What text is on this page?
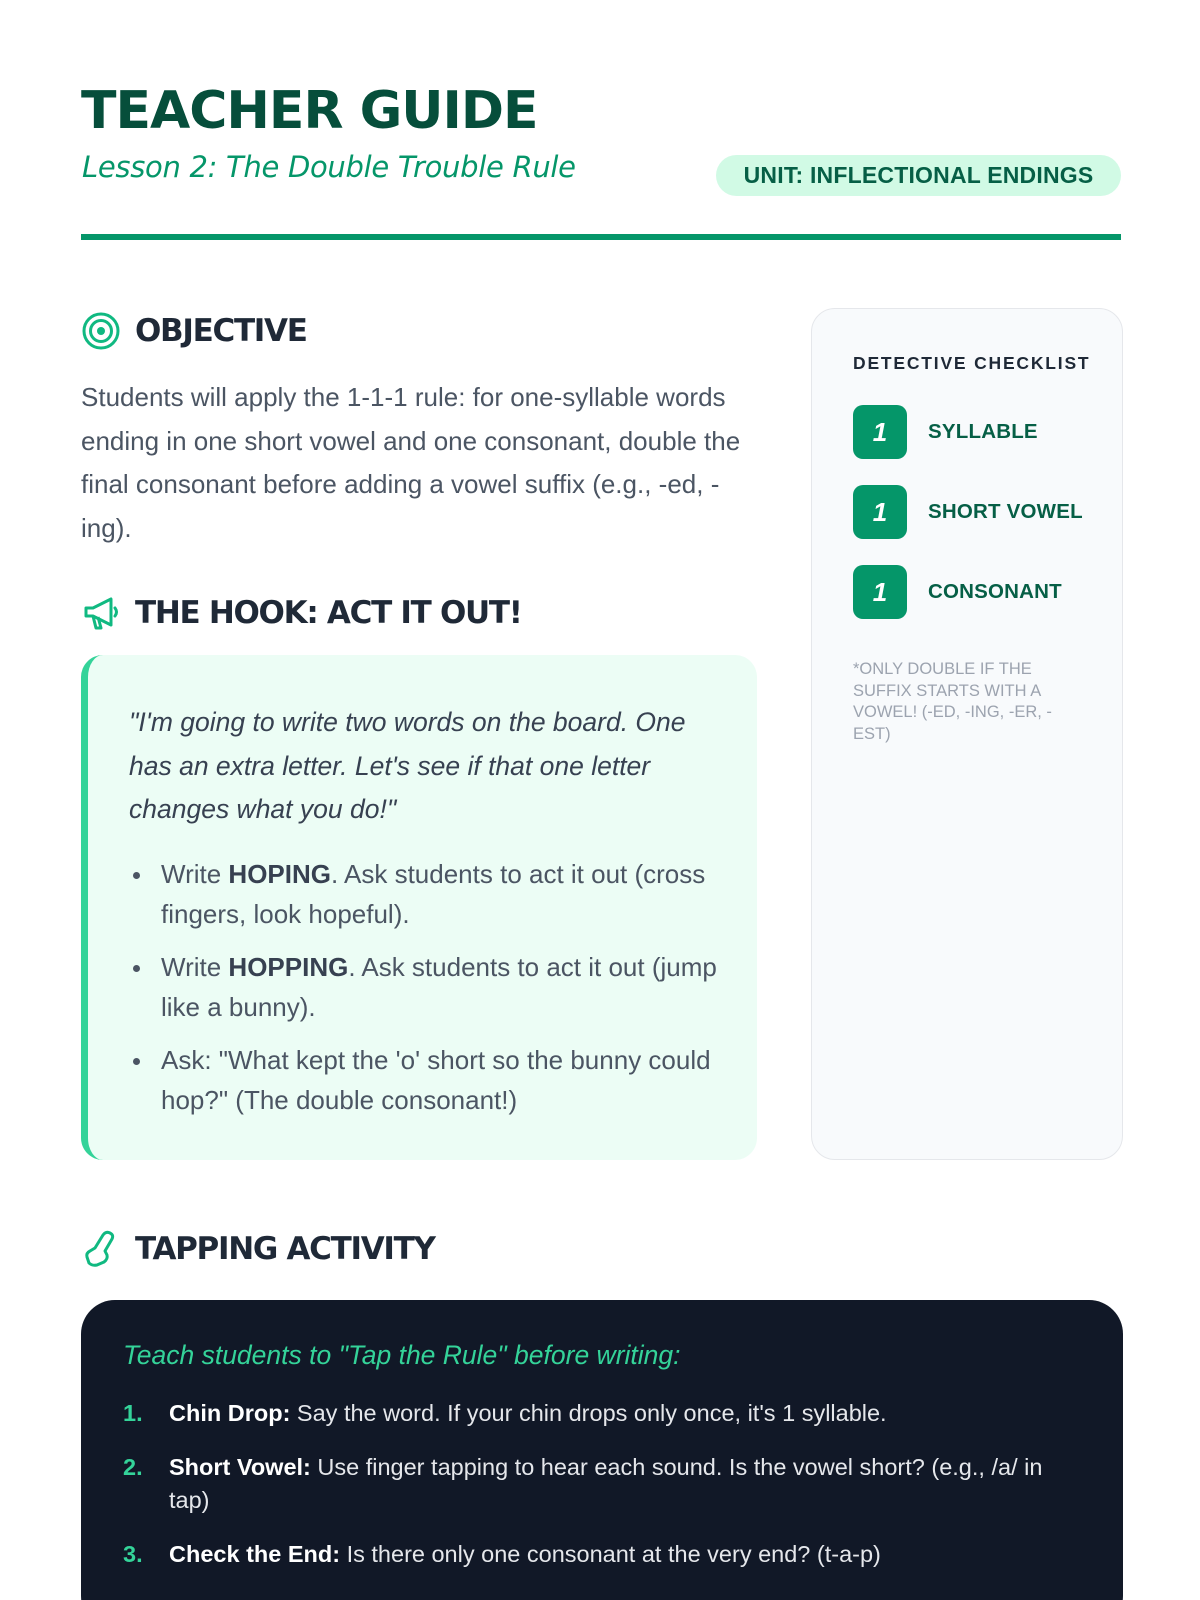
TEACHER GUIDE
Lesson 2: The Double Trouble Rule	UNIT: INFLECTIONAL ENDINGS
OBJECTIVE

Students will apply the 1-1-1 rule: for one-syllable words ending in one short vowel and one consonant, double the final consonant before adding a vowel suffix (e.g., -ed, -ing).

THE HOOK: ACT IT OUT!

"I'm going to write two words on the board. One has an extra letter. Let's see if that one letter changes what you do!"

Write HOPING. Ask students to act it out (cross fingers, look hopeful).
Write HOPPING. Ask students to act it out (jump like a bunny).
Ask: "What kept the 'o' short so the bunny could hop?" (The double consonant!)
DETECTIVE CHECKLIST
1	SYLLABLE
1	SHORT VOWEL
1	CONSONANT

*ONLY DOUBLE IF THE SUFFIX STARTS WITH A VOWEL! (-ED, -ING, -ER, -EST)

TAPPING ACTIVITY

Teach students to "Tap the Rule" before writing:

1.	Chin Drop: Say the word. If your chin drops only once, it's 1 syllable.
2.	Short Vowel: Use finger tapping to hear each sound. Is the vowel short? (e.g., /a/ in tap)
3.	Check the End: Is there only one consonant at the very end? (t-a-p)
